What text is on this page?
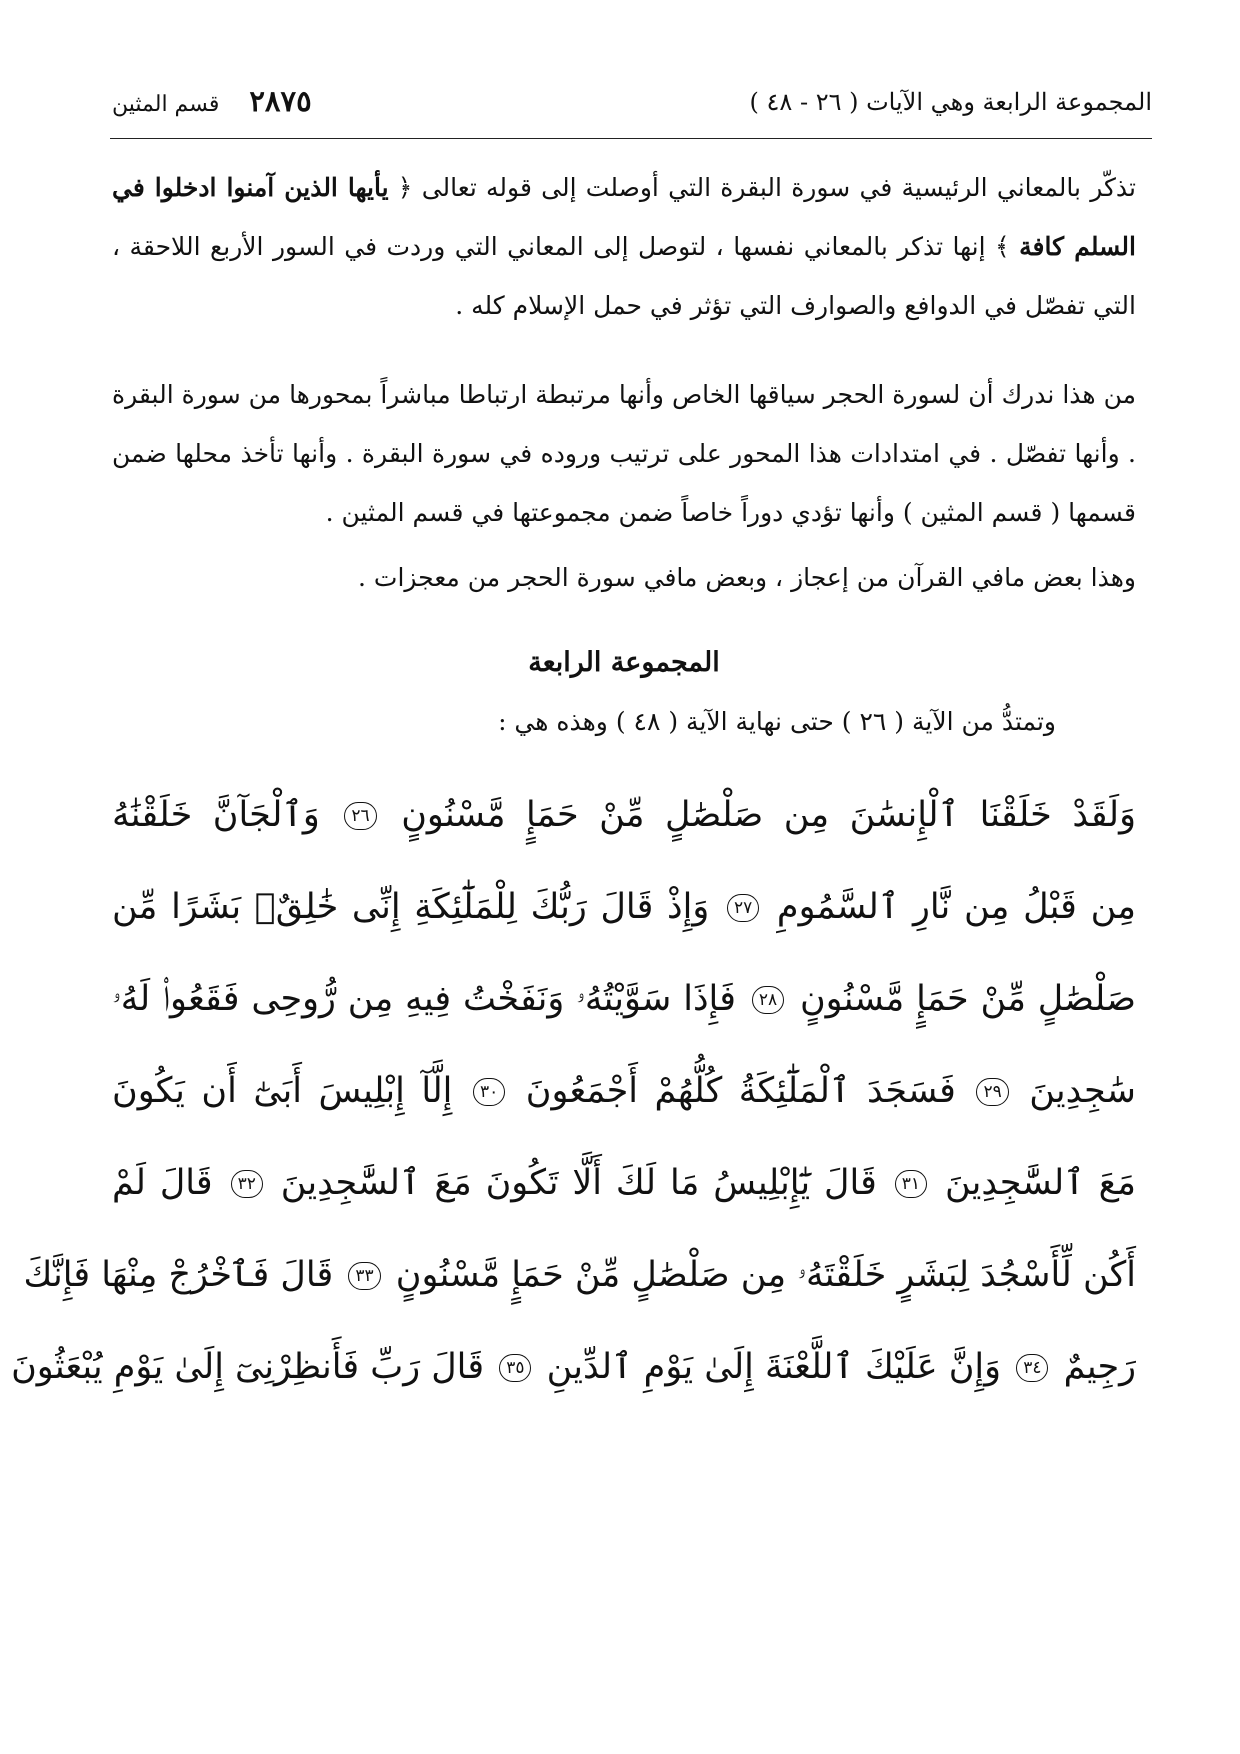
المجموعة الرابعة وهي الآيات ( ٢٦ - ٤٨ )
٢٨٧٥
قسم المثين

تذكّر بالمعاني الرئيسية في سورة البقرة التي أوصلت إلى قوله تعالى ﴿ يأيها الذين آمنوا ادخلوا في السلم كافة ﴾ إنها تذكر بالمعاني نفسها ، لتوصل إلى المعاني التي وردت في السور الأربع اللاحقة ، التي تفصّل في الدوافع والصوارف التي تؤثر في حمل الإسلام كله .

من هذا ندرك أن لسورة الحجر سياقها الخاص وأنها مرتبطة ارتباطا مباشراً بمحورها من سورة البقرة . وأنها تفصّل . في امتدادات هذا المحور على ترتيب وروده في سورة البقرة . وأنها تأخذ محلها ضمن قسمها ( قسم المثين ) وأنها تؤدي دوراً خاصاً ضمن مجموعتها في قسم المثين .

وهذا بعض مافي القرآن من إعجاز ، وبعض مافي سورة الحجر من معجزات .

المجموعة الرابعة

وتمتدُّ من الآية ( ٢٦ ) حتى نهاية الآية ( ٤٨ ) وهذه هي :

وَلَقَدْ خَلَقْنَا ٱلْإِنسَٰنَ مِن صَلْصَٰلٍ مِّنْ حَمَإٍ مَّسْنُونٍ ٢٦ وَٱلْجَآنَّ خَلَقْنَٰهُ
مِن قَبْلُ مِن نَّارِ ٱلسَّمُومِ ٢٧ وَإِذْ قَالَ رَبُّكَ لِلْمَلَٰٓئِكَةِ إِنِّى خَٰلِقٌۢ بَشَرًا مِّن
صَلْصَٰلٍ مِّنْ حَمَإٍ مَّسْنُونٍ ٢٨ فَإِذَا سَوَّيْتُهُۥ وَنَفَخْتُ فِيهِ مِن رُّوحِى فَقَعُوا۟ لَهُۥ
سَٰجِدِينَ ٢٩ فَسَجَدَ ٱلْمَلَٰٓئِكَةُ كُلُّهُمْ أَجْمَعُونَ ٣٠ إِلَّآ إِبْلِيسَ أَبَىٰٓ أَن يَكُونَ
مَعَ ٱلسَّٰجِدِينَ ٣١ قَالَ يَٰٓإِبْلِيسُ مَا لَكَ أَلَّا تَكُونَ مَعَ ٱلسَّٰجِدِينَ ٣٢ قَالَ لَمْ
أَكُن لِّأَسْجُدَ لِبَشَرٍ خَلَقْتَهُۥ مِن صَلْصَٰلٍ مِّنْ حَمَإٍ مَّسْنُونٍ ٣٣ قَالَ فَٱخْرُجْ مِنْهَا فَإِنَّكَ
رَجِيمٌ ٣٤ وَإِنَّ عَلَيْكَ ٱللَّعْنَةَ إِلَىٰ يَوْمِ ٱلدِّينِ ٣٥ قَالَ رَبِّ فَأَنظِرْنِىٓ إِلَىٰ يَوْمِ يُبْعَثُونَ
